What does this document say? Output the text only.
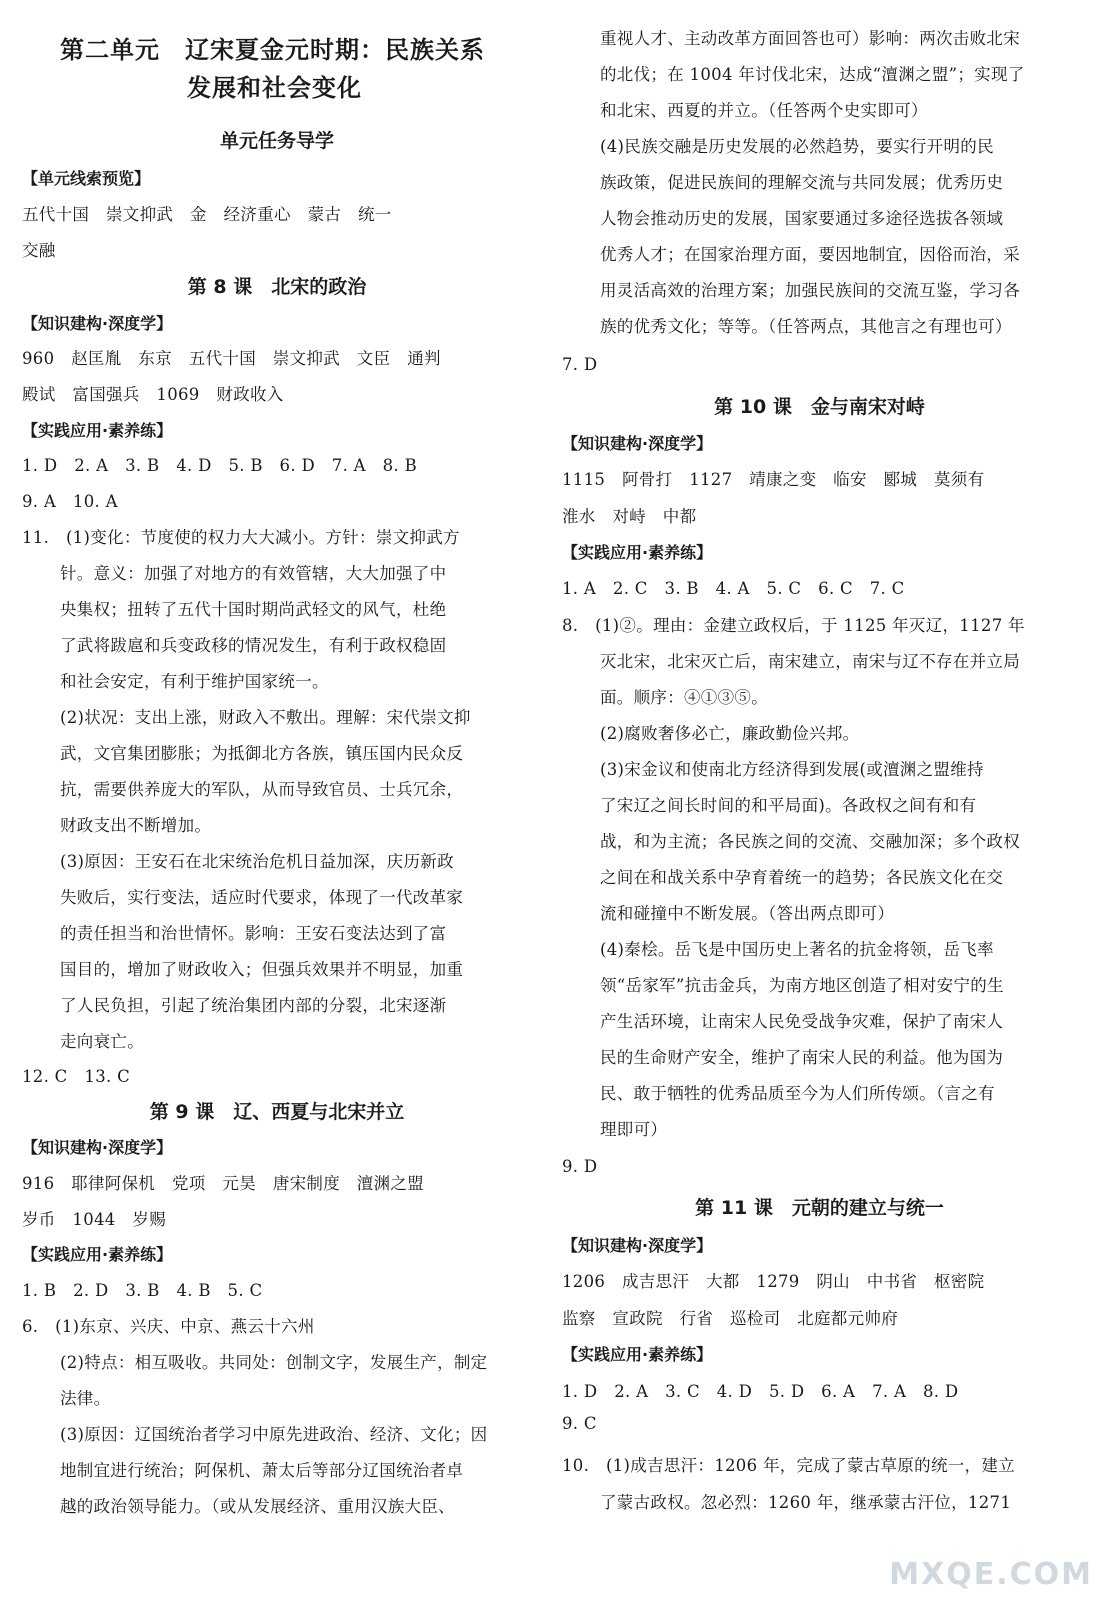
第二单元　辽宋夏金元时期：民族关系
发展和社会变化
单元任务导学
【单元线索预览】
五代十国　崇文抑武　金　经济重心　蒙古　统一
交融
第 8 课　北宋的政治
【知识建构·深度学】
960　赵匡胤　东京　五代十国　崇文抑武　文臣　通判
殿试　富国强兵　1069　财政收入
【实践应用·素养练】
1. D　2. A　3. B　4. D　5. B　6. D　7. A　8. B
9. A　10. A
11.　(1)变化：节度使的权力大大减小。方针：崇文抑武方
针。意义：加强了对地方的有效管辖，大大加强了中
央集权；扭转了五代十国时期尚武轻文的风气，杜绝
了武将跋扈和兵变政移的情况发生，有利于政权稳固
和社会安定，有利于维护国家统一。
(2)状况：支出上涨，财政入不敷出。理解：宋代崇文抑
武，文官集团膨胀；为抵御北方各族，镇压国内民众反
抗，需要供养庞大的军队，从而导致官员、士兵冗余，
财政支出不断增加。
(3)原因：王安石在北宋统治危机日益加深，庆历新政
失败后，实行变法，适应时代要求，体现了一代改革家
的责任担当和治世情怀。影响：王安石变法达到了富
国目的，增加了财政收入；但强兵效果并不明显，加重
了人民负担，引起了统治集团内部的分裂，北宋逐渐
走向衰亡。
12. C　13. C
第 9 课　辽、西夏与北宋并立
【知识建构·深度学】
916　耶律阿保机　党项　元昊　唐宋制度　澶渊之盟
岁币　1044　岁赐
【实践应用·素养练】
1. B　2. D　3. B　4. B　5. C
6.　(1)东京、兴庆、中京、燕云十六州
(2)特点：相互吸收。共同处：创制文字，发展生产，制定
法律。
(3)原因：辽国统治者学习中原先进政治、经济、文化；因
地制宜进行统治；阿保机、萧太后等部分辽国统治者卓
越的政治领导能力。（或从发展经济、重用汉族大臣、
重视人才、主动改革方面回答也可）影响：两次击败北宋
的北伐；在 1004 年讨伐北宋，达成“澶渊之盟”；实现了
和北宋、西夏的并立。（任答两个史实即可）
(4)民族交融是历史发展的必然趋势，要实行开明的民
族政策，促进民族间的理解交流与共同发展；优秀历史
人物会推动历史的发展，国家要通过多途径选拔各领域
优秀人才；在国家治理方面，要因地制宜，因俗而治，采
用灵活高效的治理方案；加强民族间的交流互鉴，学习各
族的优秀文化；等等。（任答两点，其他言之有理也可）
7. D
第 10 课　金与南宋对峙
【知识建构·深度学】
1115　阿骨打　1127　靖康之变　临安　郾城　莫须有
淮水　对峙　中都
【实践应用·素养练】
1. A　2. C　3. B　4. A　5. C　6. C　7. C
8.　(1)②。理由：金建立政权后，于 1125 年灭辽，1127 年
灭北宋，北宋灭亡后，南宋建立，南宋与辽不存在并立局
面。顺序：④①③⑤。
(2)腐败奢侈必亡，廉政勤俭兴邦。
(3)宋金议和使南北方经济得到发展(或澶渊之盟维持
了宋辽之间长时间的和平局面)。各政权之间有和有
战，和为主流；各民族之间的交流、交融加深；多个政权
之间在和战关系中孕育着统一的趋势；各民族文化在交
流和碰撞中不断发展。（答出两点即可）
(4)秦桧。岳飞是中国历史上著名的抗金将领，岳飞率
领“岳家军”抗击金兵，为南方地区创造了相对安宁的生
产生活环境，让南宋人民免受战争灾难，保护了南宋人
民的生命财产安全，维护了南宋人民的利益。他为国为
民、敢于牺牲的优秀品质至今为人们所传颂。（言之有
理即可）
9. D
第 11 课　元朝的建立与统一
【知识建构·深度学】
1206　成吉思汗　大都　1279　阴山　中书省　枢密院
监察　宣政院　行省　巡检司　北庭都元帅府
【实践应用·素养练】
1. D　2. A　3. C　4. D　5. D　6. A　7. A　8. D
9. C
10.　(1)成吉思汗：1206 年，完成了蒙古草原的统一，建立
了蒙古政权。忽必烈：1260 年，继承蒙古汗位，1271
MXQE.COM
